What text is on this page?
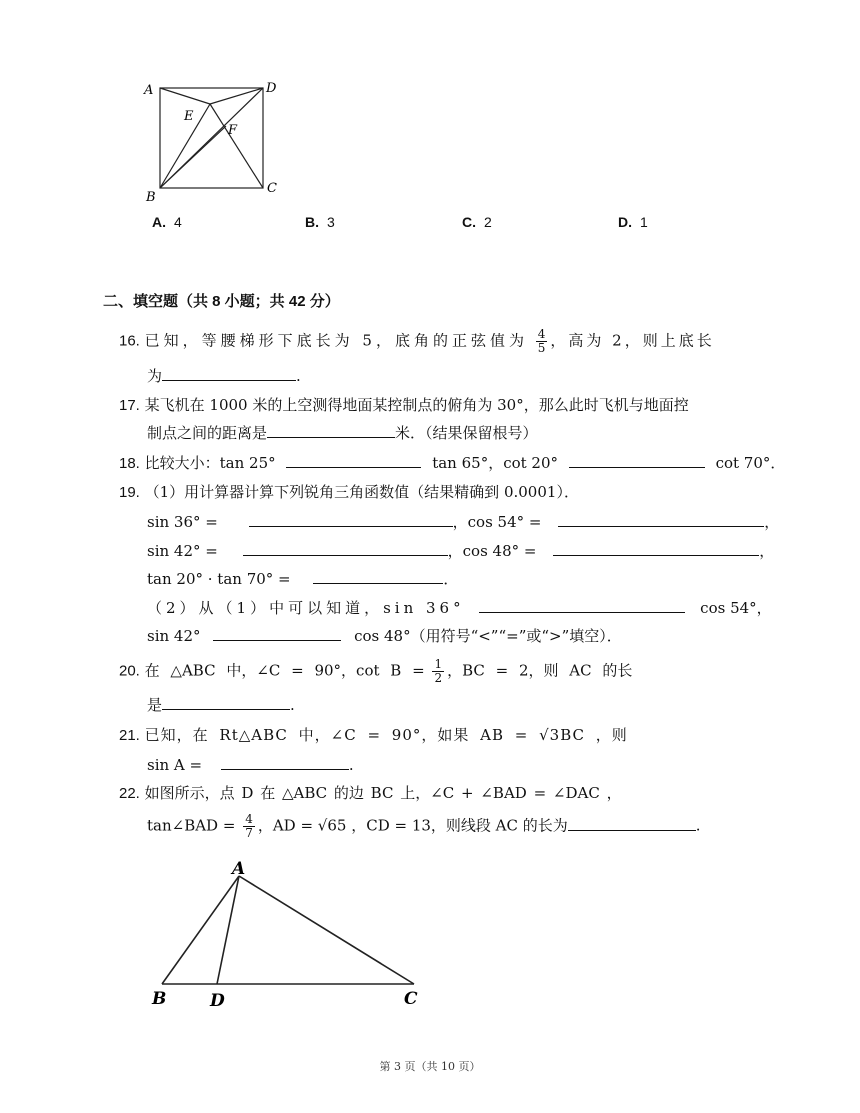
A	D
E
F
B
C
A. 4	B. 3	C. 2	D. 1
二、填空题（共 8 小题；共 42 分）
16. 已知，等腰梯形下底长为 5，底角的正弦值为 $\frac{4}{5}$ ，高为 2，则上底长
为	.
17. 某飞机在 1000 米的上空测得地面某控制点的俯角为 30°，那么此时飞机与地面控
制点之间的距离是	米．（结果保留根号）
18. 比较大小：tan 25°	tan 65°，cot 20°	cot 70°．
19. （1）用计算器计算下列锐角三角函数值（结果精确到 0.0001）．
sin 36° =	，cos 54° =	，
sin 42° =	，cos 48° =	，
tan 20° · tan 70° =	．
（2）从（1）中可以知道，sin 36°	cos 54°，
sin 42°	cos 48°（用符号“<”“=”或“>”填空）．
20. 在 △ABC 中，∠C = 90°，$\cot B = \frac{1}{2}$ ，BC = 2，则 AC 的长
是	.
21. 已知，在 Rt△ABC 中，∠C = 90°，如果 AB = √3BC ，则
sin A =	.
22. 如图所示，点 D 在 △ABC 的边 BC 上，∠C + ∠BAD = ∠DAC ，
tan∠BAD = $\frac{4}{7}$ ，AD = √65 ，CD = 13，则线段 AC 的长为	.
A
B	D	C
第 3 页（共 10 页）
